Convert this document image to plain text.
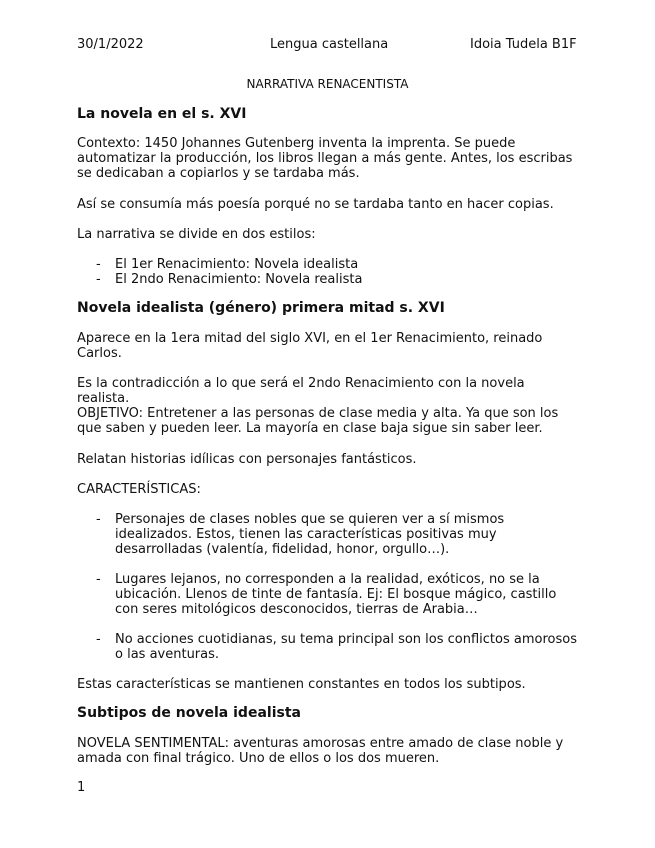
30/1/2022	Lengua castellana	Idoia Tudela B1F
NARRATIVA RENACENTISTA
La novela en el s. XVI
Contexto: 1450 Johannes Gutenberg inventa la imprenta. Se puede automatizar la producción, los libros llegan a más gente. Antes, los escribas se dedicaban a copiarlos y se tardaba más.
Así se consumía más poesía porqué no se tardaba tanto en hacer copias.
La narrativa se divide en dos estilos:
- El 1er Renacimiento: Novela idealista
- El 2ndo Renacimiento: Novela realista
Novela idealista (género) primera mitad s. XVI
Aparece en la 1era mitad del siglo XVI, en el 1er Renacimiento, reinado Carlos.
Es la contradicción a lo que será el 2ndo Renacimiento con la novela realista.
OBJETIVO: Entretener a las personas de clase media y alta. Ya que son los que saben y pueden leer. La mayoría en clase baja sigue sin saber leer.
Relatan historias idílicas con personajes fantásticos.
CARACTERÍSTICAS:
- Personajes de clases nobles que se quieren ver a sí mismos idealizados. Estos, tienen las características positivas muy desarrolladas (valentía, fidelidad, honor, orgullo…).
- Lugares lejanos, no corresponden a la realidad, exóticos, no se la ubicación. Llenos de tinte de fantasía. Ej: El bosque mágico, castillo con seres mitológicos desconocidos, tierras de Arabia…
- No acciones cuotidianas, su tema principal son los conflictos amorosos o las aventuras.
Estas características se mantienen constantes en todos los subtipos.
Subtipos de novela idealista
NOVELA SENTIMENTAL: aventuras amorosas entre amado de clase noble y amada con final trágico. Uno de ellos o los dos mueren.
1
